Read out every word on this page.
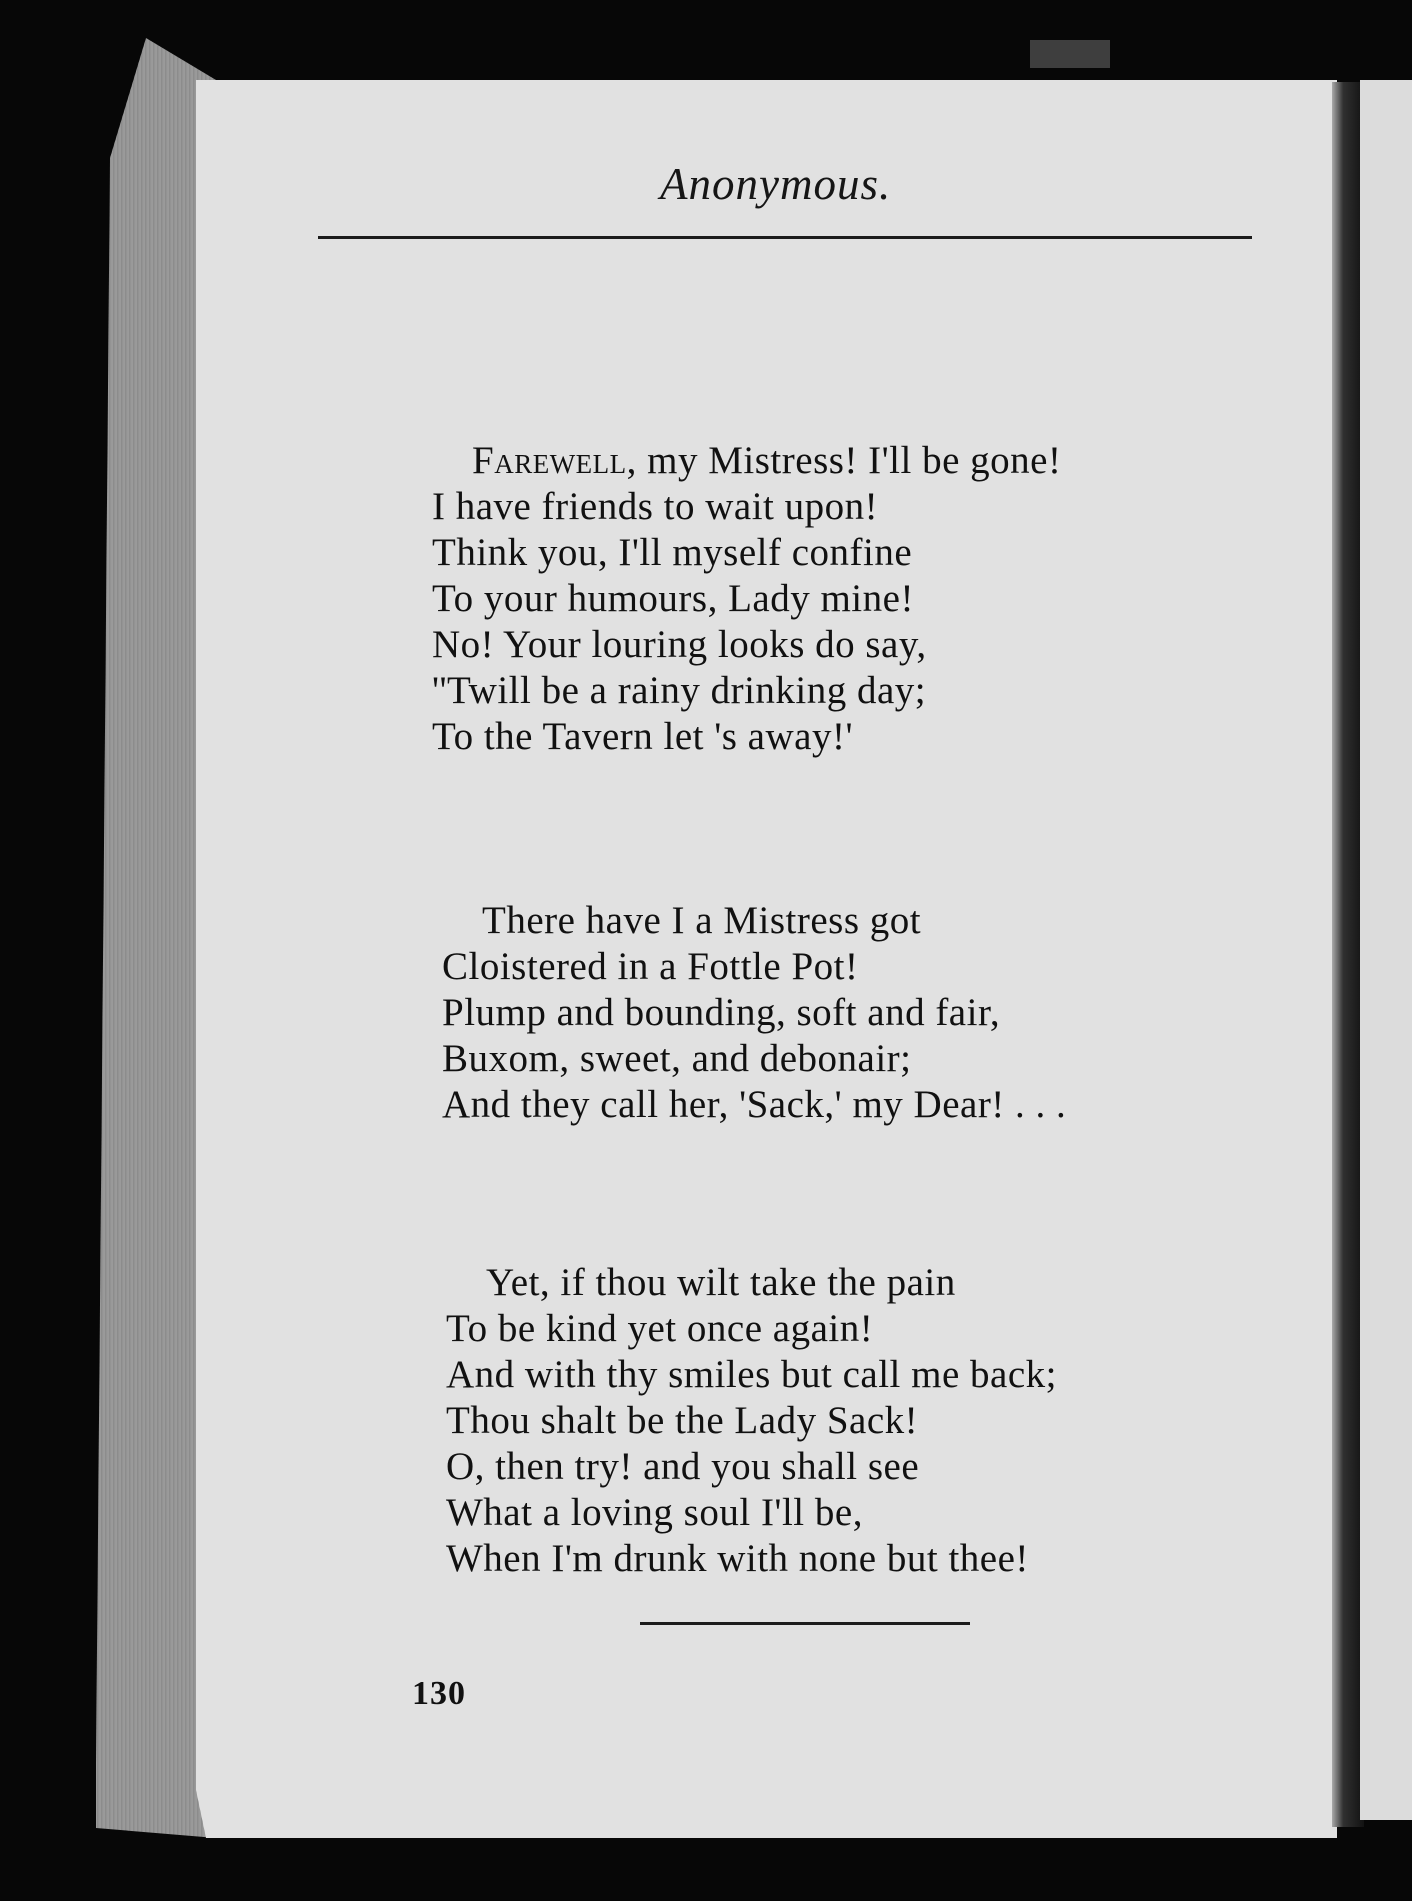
Anonymous.

Farewell, my Mistress! I'll be gone!
I have friends to wait upon!
Think you, I'll myself confine
To your humours, Lady mine!
No! Your louring looks do say,
''Twill be a rainy drinking day;
To the Tavern let 's away!'

There have I a Mistress got
Cloistered in a Fottle Pot!
Plump and bounding, soft and fair,
Buxom, sweet, and debonair;
And they call her, 'Sack,' my Dear! . . .

Yet, if thou wilt take the pain
To be kind yet once again!
And with thy smiles but call me back;
Thou shalt be the Lady Sack!
O, then try! and you shall see
What a loving soul I'll be,
When I'm drunk with none but thee!

130
